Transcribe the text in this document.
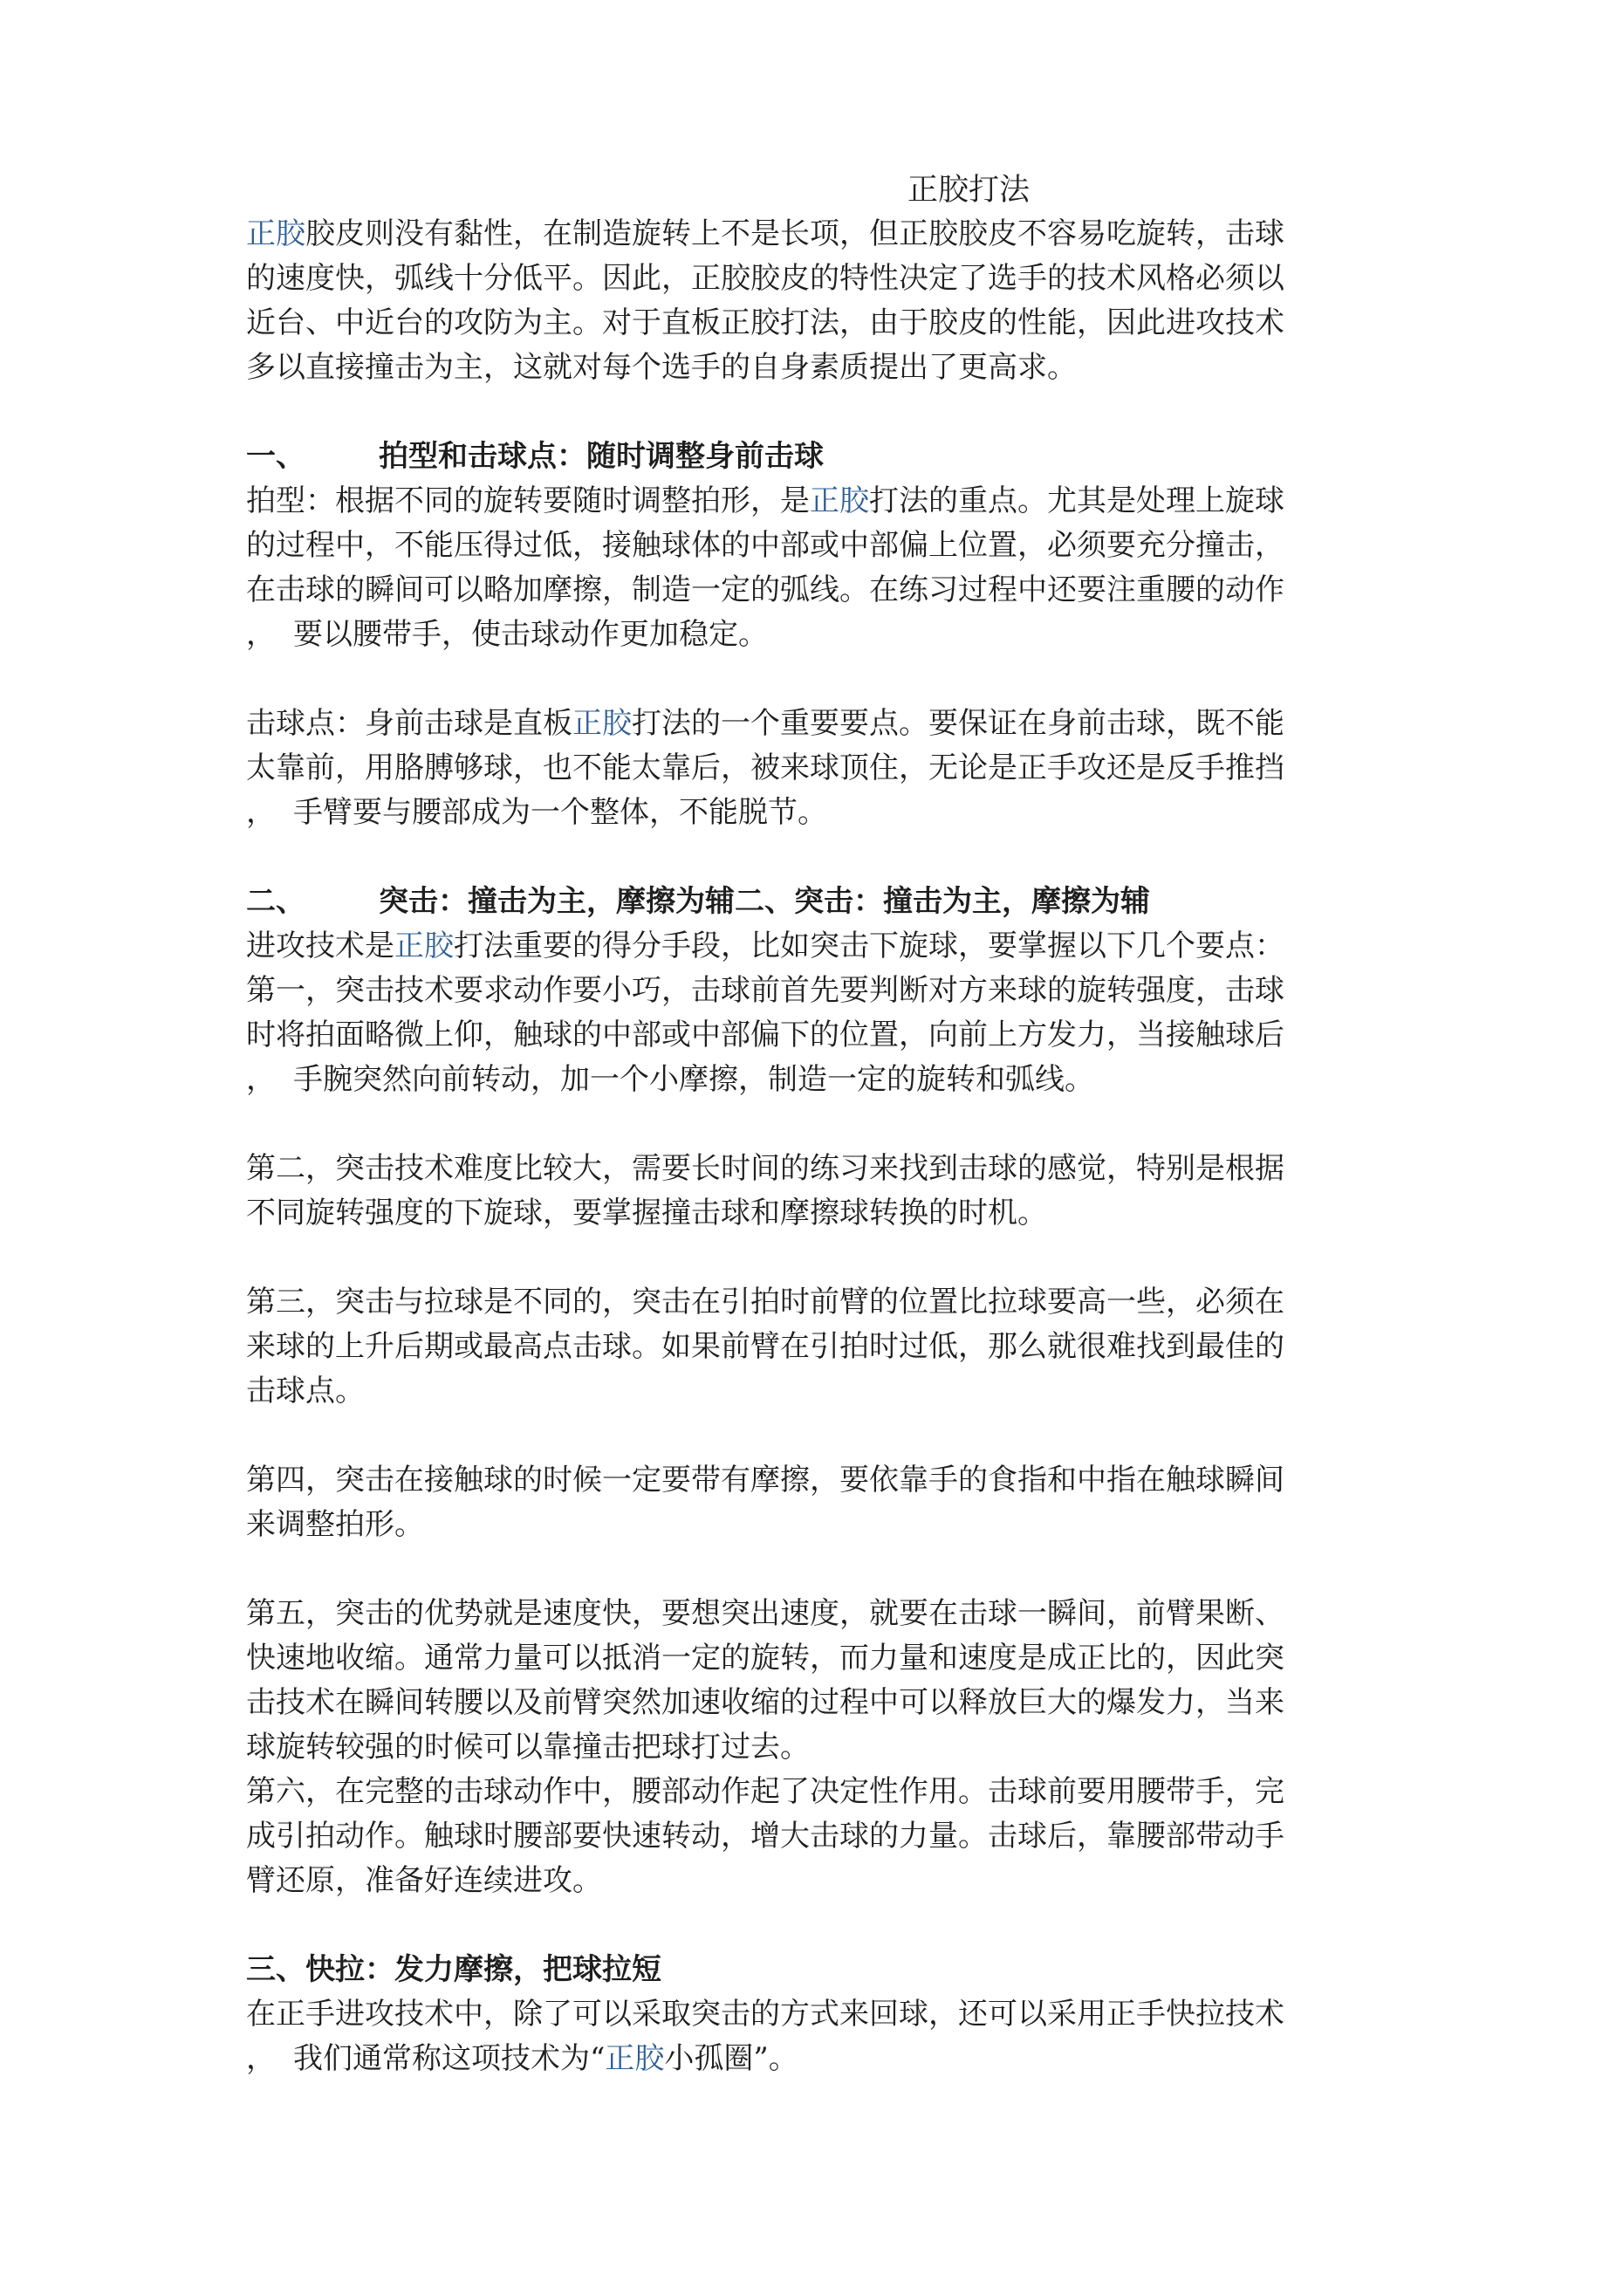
正胶打法
正胶胶皮则没有黏性，在制造旋转上不是长项，但正胶胶皮不容易吃旋转，击球
的速度快，弧线十分低平。因此，正胶胶皮的特性决定了选手的技术风格必须以
近台、中近台的攻防为主。对于直板正胶打法，由于胶皮的性能，因此进攻技术
多以直接撞击为主，这就对每个选手的自身素质提出了更高求。
一、 拍型和击球点：随时调整身前击球
拍型：根据不同的旋转要随时调整拍形，是正胶打法的重点。尤其是处理上旋球
的过程中，不能压得过低，接触球体的中部或中部偏上位置，必须要充分撞击，
在击球的瞬间可以略加摩擦，制造一定的弧线。在练习过程中还要注重腰的动作
， 要以腰带手，使击球动作更加稳定。
击球点：身前击球是直板正胶打法的一个重要要点。要保证在身前击球，既不能
太靠前，用胳膊够球，也不能太靠后，被来球顶住，无论是正手攻还是反手推挡
， 手臂要与腰部成为一个整体，不能脱节。
二、 突击：撞击为主，摩擦为辅二、突击：撞击为主，摩擦为辅
进攻技术是正胶打法重要的得分手段，比如突击下旋球，要掌握以下几个要点：
第一，突击技术要求动作要小巧，击球前首先要判断对方来球的旋转强度，击球
时将拍面略微上仰，触球的中部或中部偏下的位置，向前上方发力，当接触球后
， 手腕突然向前转动，加一个小摩擦，制造一定的旋转和弧线。
第二，突击技术难度比较大，需要长时间的练习来找到击球的感觉，特别是根据
不同旋转强度的下旋球，要掌握撞击球和摩擦球转换的时机。
第三，突击与拉球是不同的，突击在引拍时前臂的位置比拉球要高一些，必须在
来球的上升后期或最高点击球。如果前臂在引拍时过低，那么就很难找到最佳的
击球点。
第四，突击在接触球的时候一定要带有摩擦，要依靠手的食指和中指在触球瞬间
来调整拍形。
第五，突击的优势就是速度快，要想突出速度，就要在击球一瞬间，前臂果断、
快速地收缩。通常力量可以抵消一定的旋转，而力量和速度是成正比的，因此突
击技术在瞬间转腰以及前臂突然加速收缩的过程中可以释放巨大的爆发力，当来
球旋转较强的时候可以靠撞击把球打过去。
第六，在完整的击球动作中，腰部动作起了决定性作用。击球前要用腰带手，完
成引拍动作。触球时腰部要快速转动，增大击球的力量。击球后，靠腰部带动手
臂还原，准备好连续进攻。
三、快拉：发力摩擦，把球拉短
在正手进攻技术中，除了可以采取突击的方式来回球，还可以采用正手快拉技术
， 我们通常称这项技术为“正胶小孤圈”。
